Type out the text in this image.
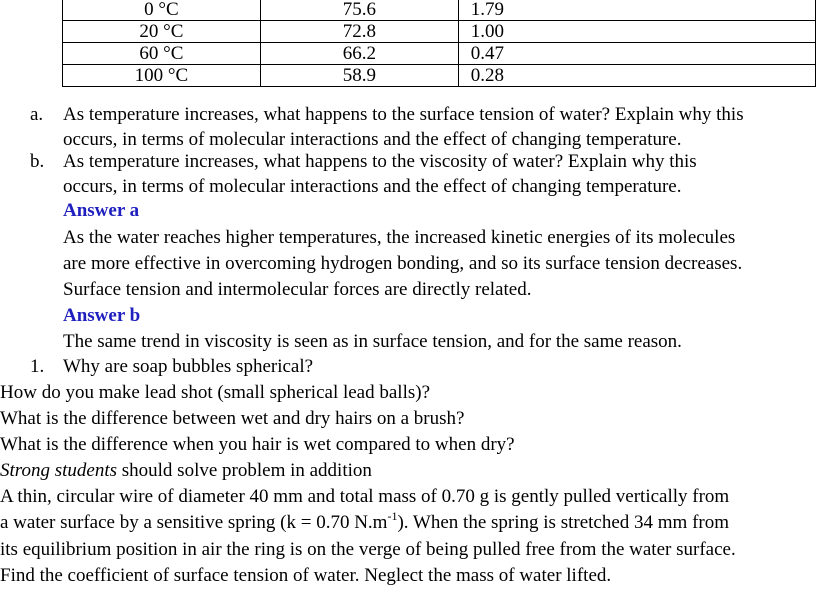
0 °C	75.6	1.79
20 °C	72.8	1.00
60 °C	66.2	0.47
100 °C	58.9	0.28
a. As temperature increases, what happens to the surface tension of water? Explain why this
occurs, in terms of molecular interactions and the effect of changing temperature.
b. As temperature increases, what happens to the viscosity of water? Explain why this
occurs, in terms of molecular interactions and the effect of changing temperature.
Answer a
As the water reaches higher temperatures, the increased kinetic energies of its molecules
are more effective in overcoming hydrogen bonding, and so its surface tension decreases.
Surface tension and intermolecular forces are directly related.
Answer b
The same trend in viscosity is seen as in surface tension, and for the same reason.
1. Why are soap bubbles spherical?
How do you make lead shot (small spherical lead balls)?
What is the difference between wet and dry hairs on a brush?
What is the difference when you hair is wet compared to when dry?
Strong students should solve problem in addition
A thin, circular wire of diameter 40 mm and total mass of 0.70 g is gently pulled vertically from
a water surface by a sensitive spring (k = 0.70 $N.m^{-1}$). When the spring is stretched 34 mm from
its equilibrium position in air the ring is on the verge of being pulled free from the water surface.
Find the coefficient of surface tension of water. Neglect the mass of water lifted.
